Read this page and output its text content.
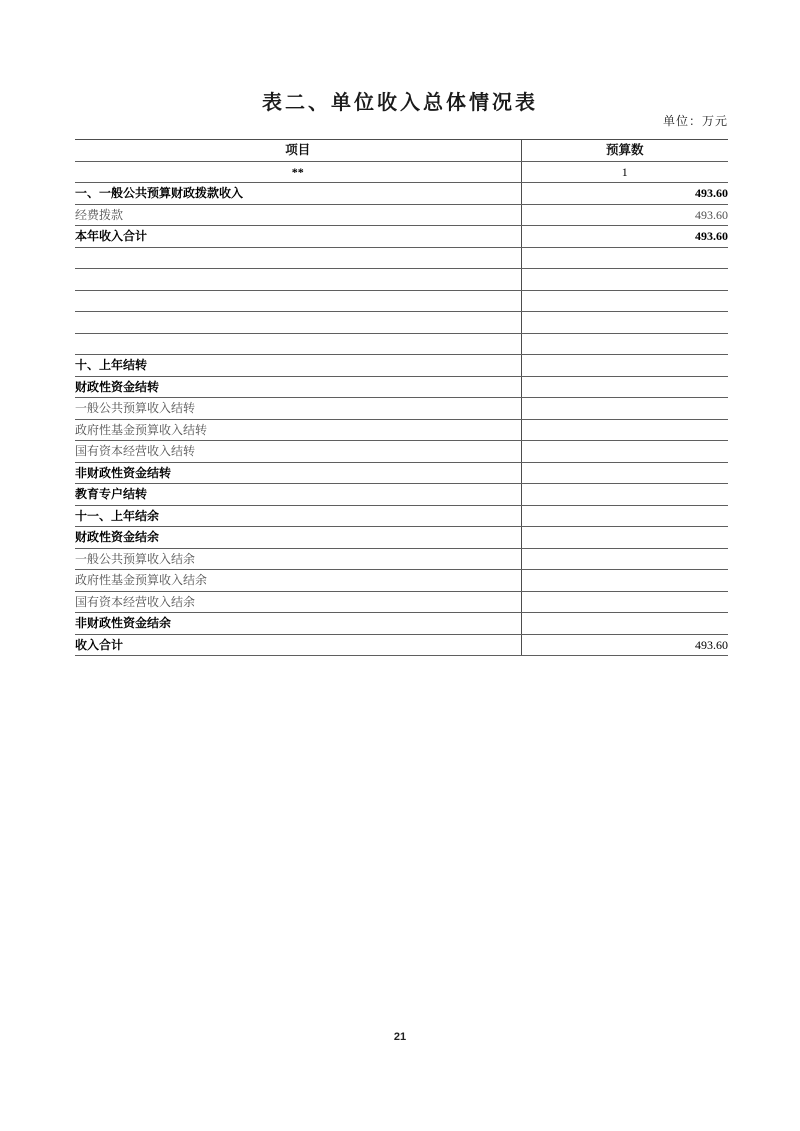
表二、单位收入总体情况表
单位：万元
项目	预算数
**	1
一、一般公共预算财政拨款收入	493.60
经费拨款	493.60
本年收入合计	493.60

十、上年结转	
财政性资金结转	
一般公共预算收入结转	
政府性基金预算收入结转	
国有资本经营收入结转	
非财政性资金结转	
教育专户结转	
十一、上年结余	
财政性资金结余	
一般公共预算收入结余	
政府性基金预算收入结余	
国有资本经营收入结余	
非财政性资金结余	
收入合计	493.60
21
